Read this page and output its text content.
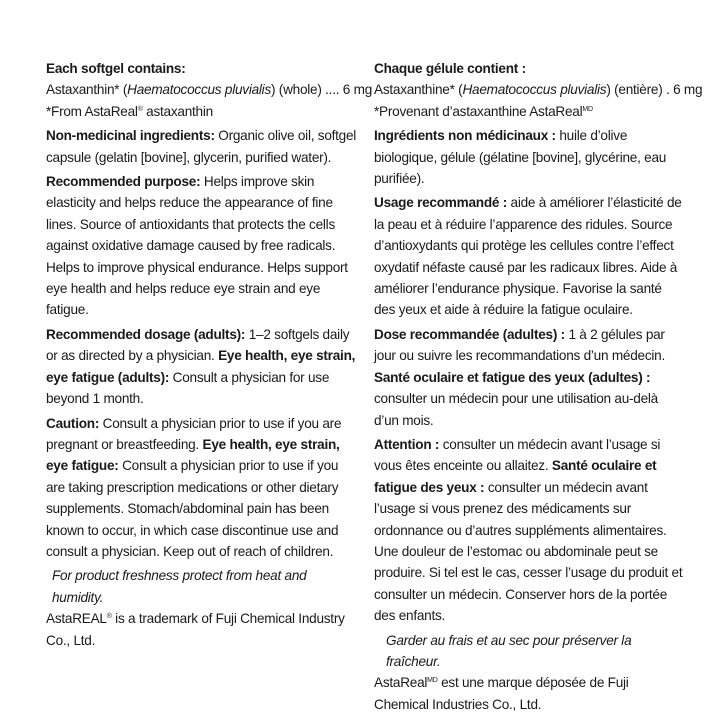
Each softgel contains:
Astaxanthin* (Haematococcus pluvialis) (whole) .... 6 mg
*From AstaReal® astaxanthin
Non-medicinal ingredients: Organic olive oil, softgel capsule (gelatin [bovine], glycerin, purified water).
Recommended purpose: Helps improve skin elasticity and helps reduce the appearance of fine lines. Source of antioxidants that protects the cells against oxidative damage caused by free radicals. Helps to improve physical endurance. Helps support eye health and helps reduce eye strain and eye fatigue.
Recommended dosage (adults): 1–2 softgels daily or as directed by a physician. Eye health, eye strain, eye fatigue (adults): Consult a physician for use beyond 1 month.
Caution: Consult a physician prior to use if you are pregnant or breastfeeding. Eye health, eye strain, eye fatigue: Consult a physician prior to use if you are taking prescription medications or other dietary supplements. Stomach/abdominal pain has been known to occur, in which case discontinue use and consult a physician. Keep out of reach of children.
For product freshness protect from heat and humidity.
AstaREAL® is a trademark of Fuji Chemical Industry Co., Ltd.
Chaque gélule contient :
Astaxanthine* (Haematococcus pluvialis) (entière) . 6 mg
*Provenant d’astaxanthine AstaReal$^{MD}$
Ingrédients non médicinaux : huile d’olive biologique, gélule (gélatine [bovine], glycérine, eau purifiée).
Usage recommandé : aide à améliorer l’élasticité de la peau et à réduire l’apparence des ridules. Source d’antioxydants qui protège les cellules contre l’effect oxydatif néfaste causé par les radicaux libres. Aide à améliorer l’endurance physique. Favorise la santé des yeux et aide à réduire la fatigue oculaire.
Dose recommandée (adultes) : 1 à 2 gélules par jour ou suivre les recommandations d’un médecin.
Santé oculaire et fatigue des yeux (adultes) : consulter un médecin pour une utilisation au-delà d’un mois.
Attention : consulter un médecin avant l’usage si vous êtes enceinte ou allaitez. Santé oculaire et fatigue des yeux : consulter un médecin avant l’usage si vous prenez des médicaments sur ordonnance ou d’autres suppléments alimentaires. Une douleur de l’estomac ou abdominale peut se produire. Si tel est le cas, cesser l’usage du produit et consulter un médecin. Conserver hors de la portée des enfants.
Garder au frais et au sec pour préserver la fraîcheur.
AstaReal$^{MD}$ est une marque déposée de Fuji Chemical Industries Co., Ltd.
